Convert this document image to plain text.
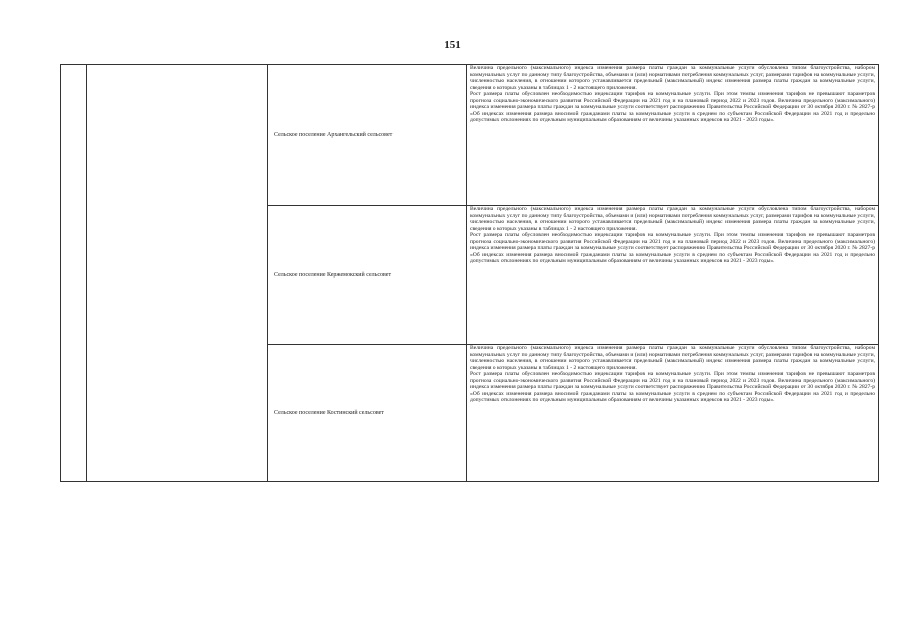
151
		Сельское поселение Архангельский сельсовет	Величина предельного (максимального) индекса изменения размера платы граждан за коммунальные услуги обусловлена типом благоустройства, набором коммунальных услуг по данному типу благоустройства, объемами и (или) нормативами потребления коммунальных услуг, размерами тарифов на коммунальные услуги, численностью населения, в отношении которого устанавливается предельный (максимальный) индекс изменения размера платы граждан за коммунальные услуги, сведения о которых указаны в таблицах 1 - 2 настоящего приложения.

Рост размера платы обусловлен необходимостью индексации тарифов на коммунальные услуги. При этом темпы изменения тарифов не превышают параметров прогноза социально-экономического развития Российской Федерации на 2021 год и на плановый период 2022 и 2023 годов. Величина предельного (максимального) индекса изменения размера платы граждан за коммунальные услуги соответствует распоряжению Правительства Российской Федерации от 30 октября 2020 г. № 2827-р «Об индексах изменения размера вносимой гражданами платы за коммунальные услуги в среднем по субъектам Российской Федерации на 2021 год и предельно допустимых отклонениях по отдельным муниципальным образованиям от величины указанных индексов на 2021 - 2023 годы».

		Сельское поселение Кержемокский сельсовет	Величина предельного (максимального) индекса изменения размера платы граждан за коммунальные услуги обусловлена типом благоустройства, набором коммунальных услуг по данному типу благоустройства, объемами и (или) нормативами потребления коммунальных услуг, размерами тарифов на коммунальные услуги, численностью населения, в отношении которого устанавливается предельный (максимальный) индекс изменения размера платы граждан за коммунальные услуги, сведения о которых указаны в таблицах 1 - 2 настоящего приложения.

Рост размера платы обусловлен необходимостью индексации тарифов на коммунальные услуги. При этом темпы изменения тарифов не превышают параметров прогноза социально-экономического развития Российской Федерации на 2021 год и на плановый период 2022 и 2023 годов. Величина предельного (максимального) индекса изменения размера платы граждан за коммунальные услуги соответствует распоряжению Правительства Российской Федерации от 30 октября 2020 г. № 2827-р «Об индексах изменения размера вносимой гражданами платы за коммунальные услуги в среднем по субъектам Российской Федерации на 2021 год и предельно допустимых отклонениях по отдельным муниципальным образованиям от величины указанных индексов на 2021 - 2023 годы».

		Сельское поселение Костинский сельсовет	Величина предельного (максимального) индекса изменения размера платы граждан за коммунальные услуги обусловлена типом благоустройства, набором коммунальных услуг по данному типу благоустройства, объемами и (или) нормативами потребления коммунальных услуг, размерами тарифов на коммунальные услуги, численностью населения, в отношении которого устанавливается предельный (максимальный) индекс изменения размера платы граждан за коммунальные услуги, сведения о которых указаны в таблицах 1 - 2 настоящего приложения.

Рост размера платы обусловлен необходимостью индексации тарифов на коммунальные услуги. При этом темпы изменения тарифов не превышают параметров прогноза социально-экономического развития Российской Федерации на 2021 год и на плановый период 2022 и 2023 годов. Величина предельного (максимального) индекса изменения размера платы граждан за коммунальные услуги соответствует распоряжению Правительства Российской Федерации от 30 октября 2020 г. № 2827-р «Об индексах изменения размера вносимой гражданами платы за коммунальные услуги в среднем по субъектам Российской Федерации на 2021 год и предельно допустимых отклонениях по отдельным муниципальным образованиям от величины указанных индексов на 2021 - 2023 годы».
